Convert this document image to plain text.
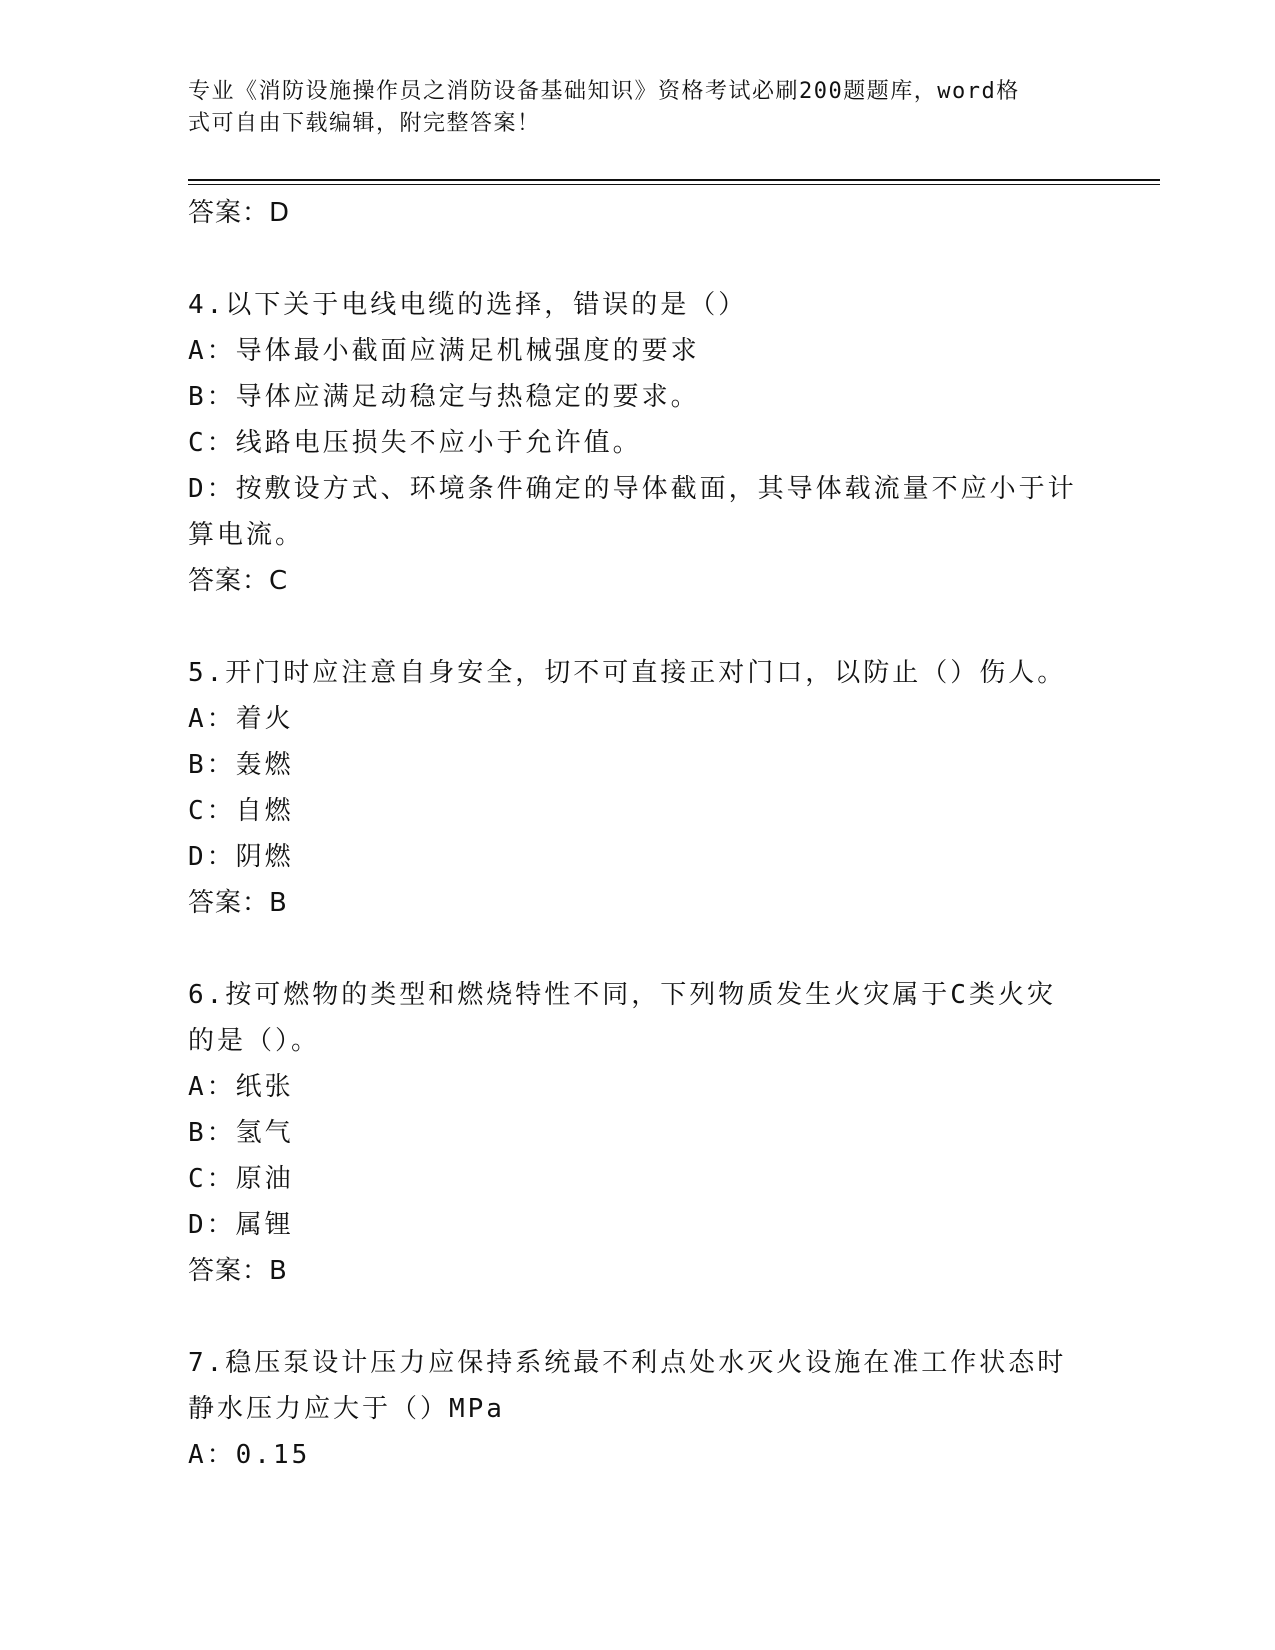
专业《消防设施操作员之消防设备基础知识》资格考试必刷200题题库，word格
式可自由下载编辑，附完整答案！
答案：D
4.以下关于电线电缆的选择，错误的是（）
A：导体最小截面应满足机械强度的要求
B：导体应满足动稳定与热稳定的要求。
C：线路电压损失不应小于允许值。
D：按敷设方式、环境条件确定的导体截面，其导体载流量不应小于计
算电流。
答案：C
5.开门时应注意自身安全，切不可直接正对门口，以防止（）伤人。
A：着火
B：轰燃
C：自燃
D：阴燃
答案：B
6.按可燃物的类型和燃烧特性不同，下列物质发生火灾属于C类火灾
的是（）。
A：纸张
B：氢气
C：原油
D：属锂
答案：B
7.稳压泵设计压力应保持系统最不利点处水灭火设施在准工作状态时
静水压力应大于（）MPa
A：0.15
